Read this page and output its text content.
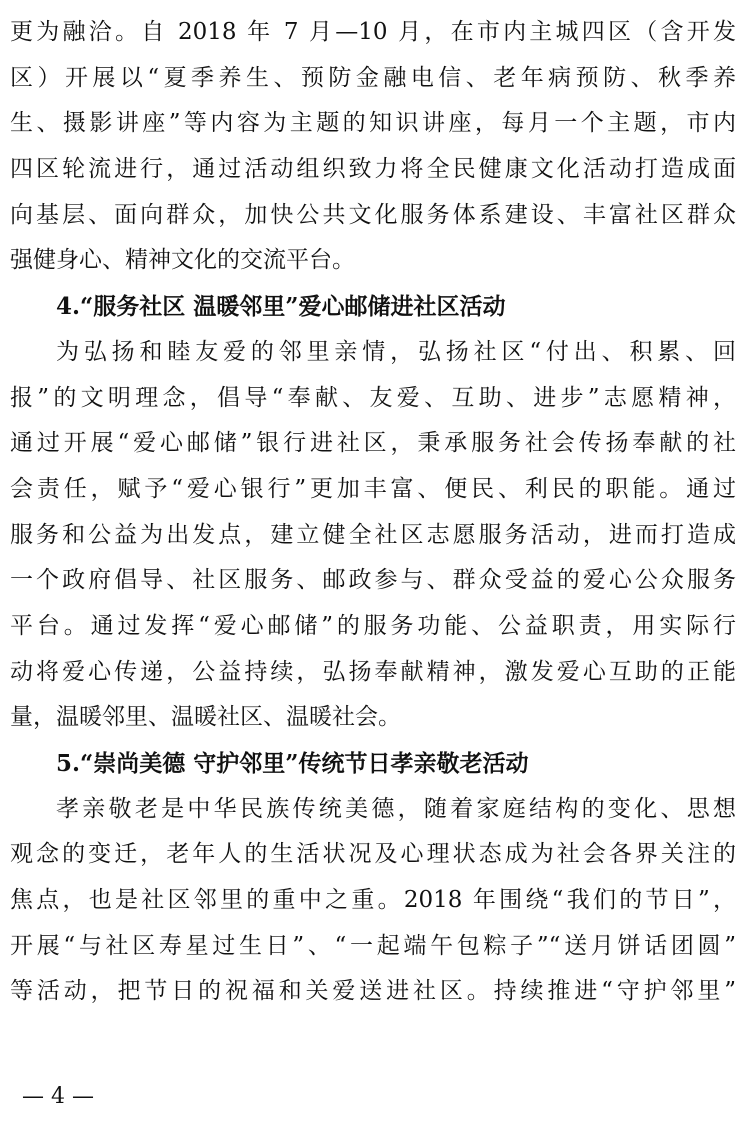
更为融洽。自 2018 年 7 月—10 月，在市内主城四区（含开发
区）开展以“夏季养生、预防金融电信、老年病预防、秋季养
生、摄影讲座”等内容为主题的知识讲座，每月一个主题，市内
四区轮流进行，通过活动组织致力将全民健康文化活动打造成面
向基层、面向群众，加快公共文化服务体系建设、丰富社区群众
强健身心、精神文化的交流平台。
4.“服务社区 温暖邻里”爱心邮储进社区活动
为弘扬和睦友爱的邻里亲情，弘扬社区“付出、积累、回
报”的文明理念，倡导“奉献、友爱、互助、进步”志愿精神，
通过开展“爱心邮储”银行进社区，秉承服务社会传扬奉献的社
会责任，赋予“爱心银行”更加丰富、便民、利民的职能。通过
服务和公益为出发点，建立健全社区志愿服务活动，进而打造成
一个政府倡导、社区服务、邮政参与、群众受益的爱心公众服务
平台。通过发挥“爱心邮储”的服务功能、公益职责，用实际行
动将爱心传递，公益持续，弘扬奉献精神，激发爱心互助的正能
量，温暖邻里、温暖社区、温暖社会。
5.“崇尚美德 守护邻里”传统节日孝亲敬老活动
孝亲敬老是中华民族传统美德，随着家庭结构的变化、思想
观念的变迁，老年人的生活状况及心理状态成为社会各界关注的
焦点，也是社区邻里的重中之重。2018 年围绕“我们的节日”，
开展“与社区寿星过生日”、“一起端午包粽子”“送月饼话团圆”
等活动，把节日的祝福和关爱送进社区。持续推进“守护邻里”
— 4 —
